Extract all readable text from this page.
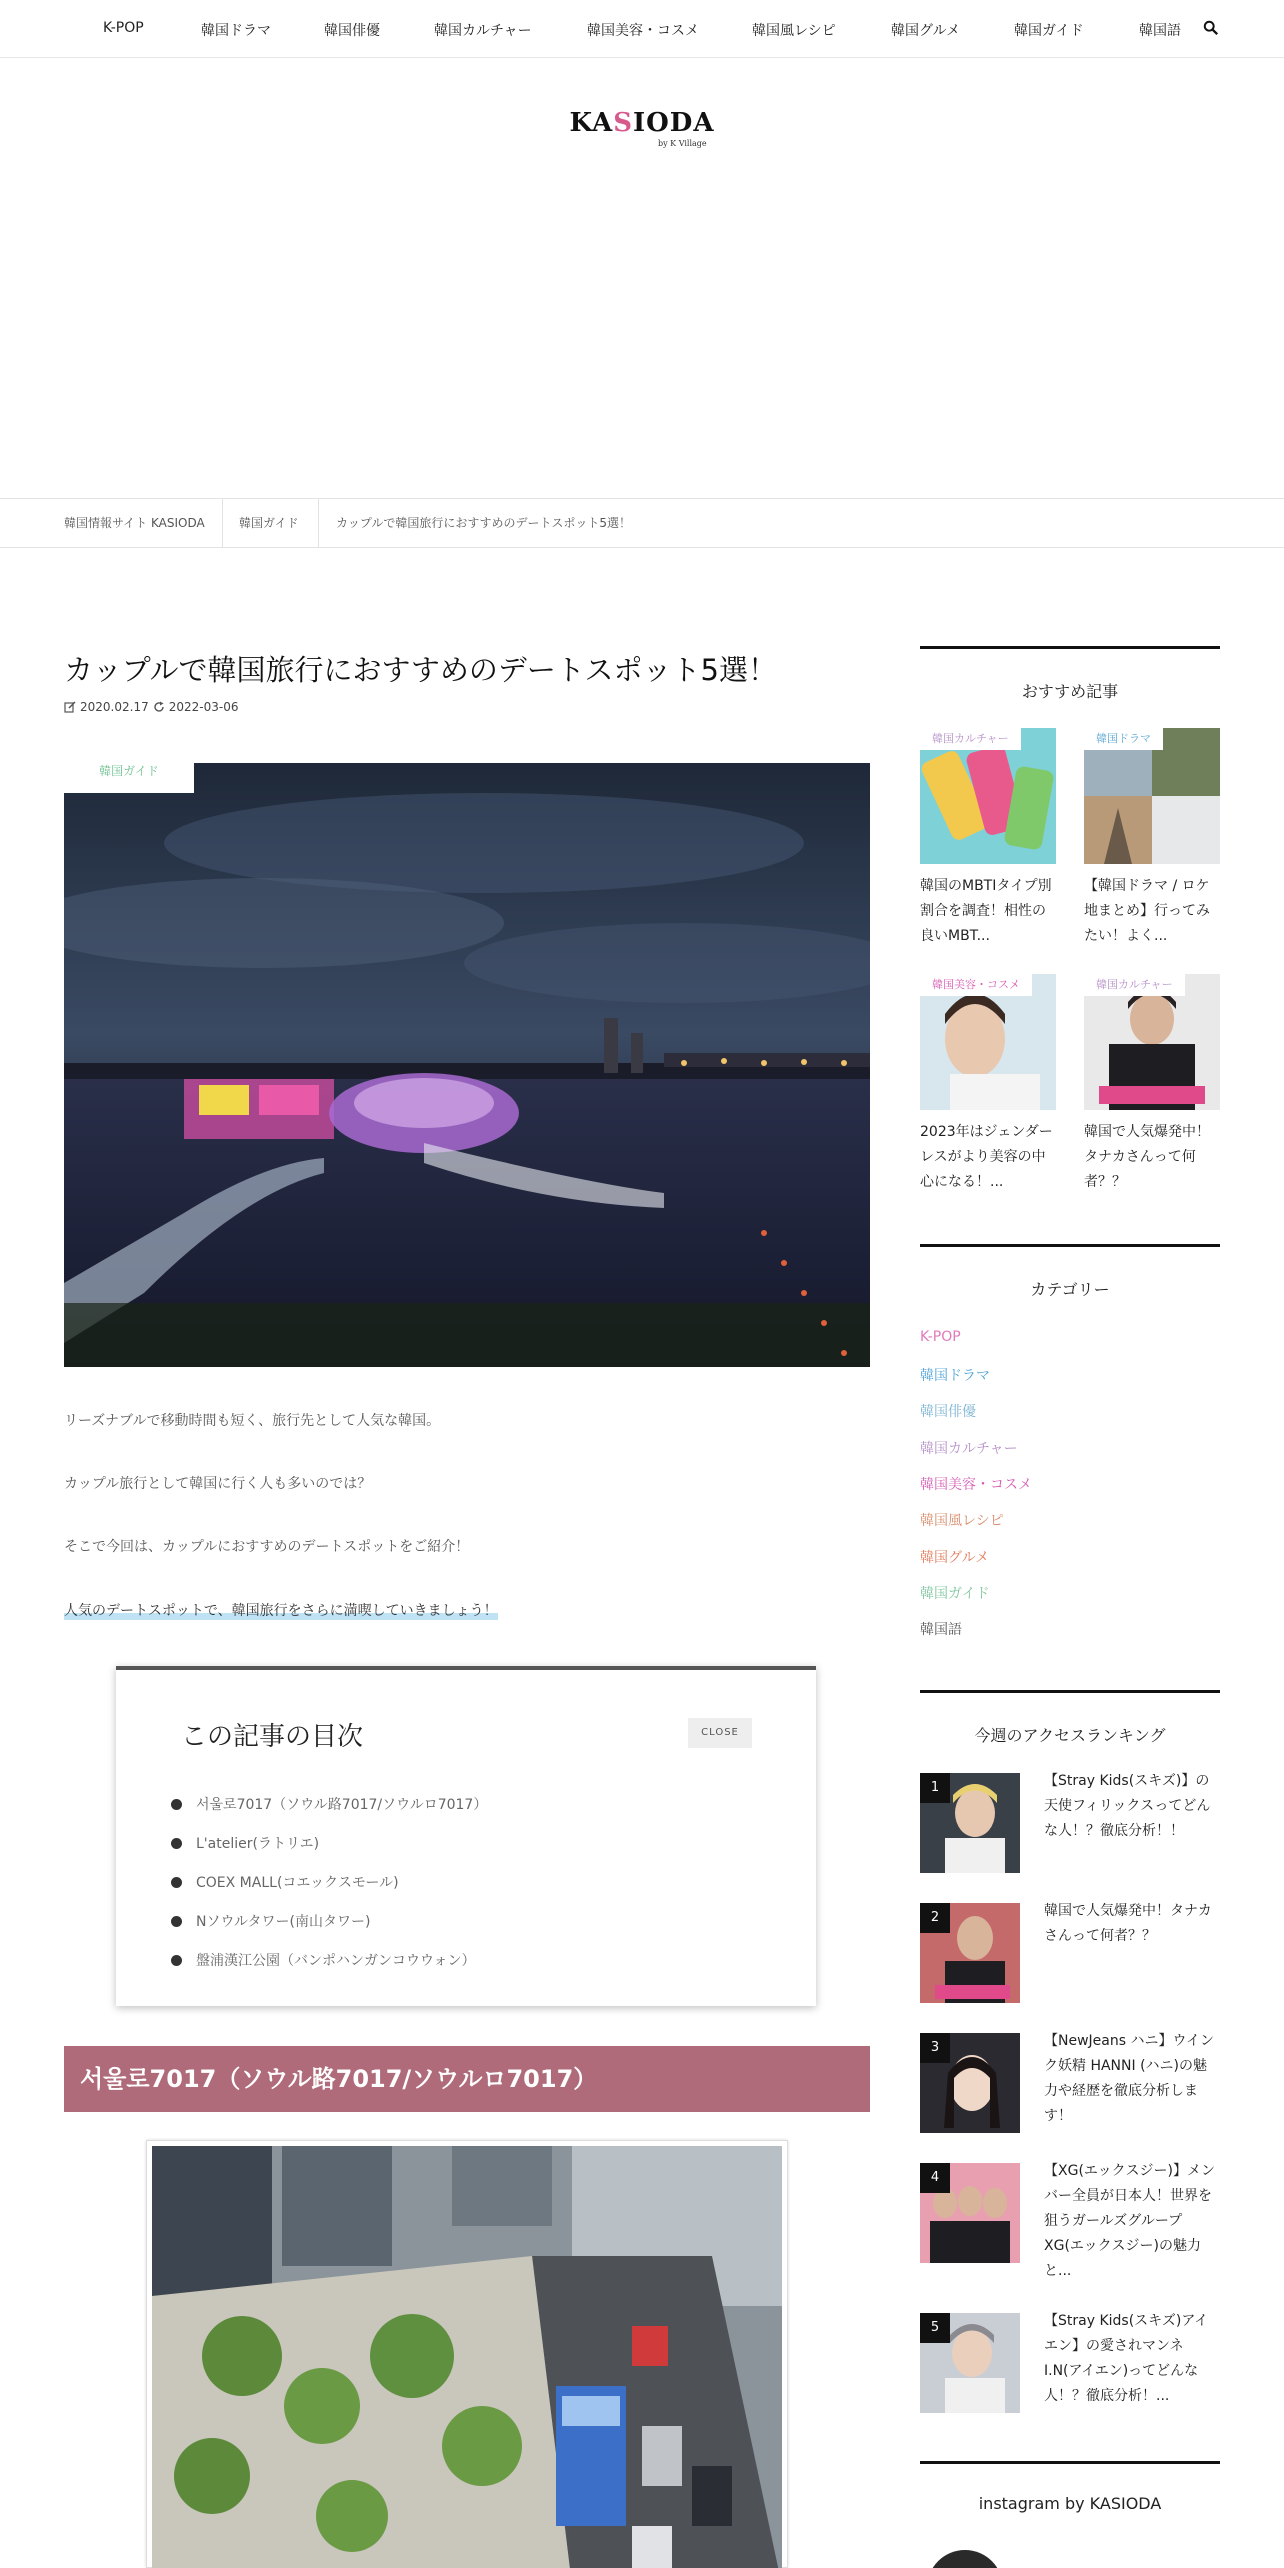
K-POP	韓国ドラマ	韓国俳優	韓国カルチャー	韓国美容・コスメ	韓国風レシピ	韓国グルメ	韓国ガイド	韓国語
KASIODA
by K Village
韓国情報サイト KASIODA	韓国ガイド	カップルで韓国旅行におすすめのデートスポット5選！
カップルで韓国旅行におすすめのデートスポット5選！
2020.02.17 2022-03-06
韓国ガイド

リーズナブルで移動時間も短く、旅行先として人気な韓国。

カップル旅行として韓国に行く人も多いのでは？

そこで今回は、カップルにおすすめのデートスポットをご紹介！

人気のデートスポットで、韓国旅行をさらに満喫していきましょう！

この記事の目次	CLOSE
서울로7017（ソウル路7017/ソウルロ7017）
L'atelier(ラトリエ)
COEX MALL(コエックスモール)
Nソウルタワー(南山タワー)
盤浦漢江公園（バンポハンガンコウウォン）
서울로7017（ソウル路7017/ソウルロ7017）
おすすめ記事
韓国カルチャー
韓国のMBTIタイプ別割合を調査！相性の良いMBT...
韓国ドラマ
【韓国ドラマ / ロケ地まとめ】行ってみたい！よく...
韓国美容・コスメ
2023年はジェンダーレスがより美容の中心になる！...
韓国カルチャー
韓国で人気爆発中！タナカさんって何者？？
カテゴリー
K-POP
韓国ドラマ
韓国俳優
韓国カルチャー
韓国美容・コスメ
韓国風レシピ
韓国グルメ
韓国ガイド
韓国語
今週のアクセスランキング
1	【Stray Kids(スキズ)】の天使フィリックスってどんな人！？徹底分析！！
2	韓国で人気爆発中！タナカさんって何者？？
3	【NewJeans ハニ】ウインク妖精 HANNI (ハニ)の魅力や経歴を徹底分析します！
4	【XG(エックスジー)】メンバー全員が日本人！世界を狙うガールズグループXG(エックスジー)の魅力と...
5	【Stray Kids(スキズ)アイエン】の愛されマンネI.N(アイエン)ってどんな人！？徹底分析！...
instagram by KASIODA
